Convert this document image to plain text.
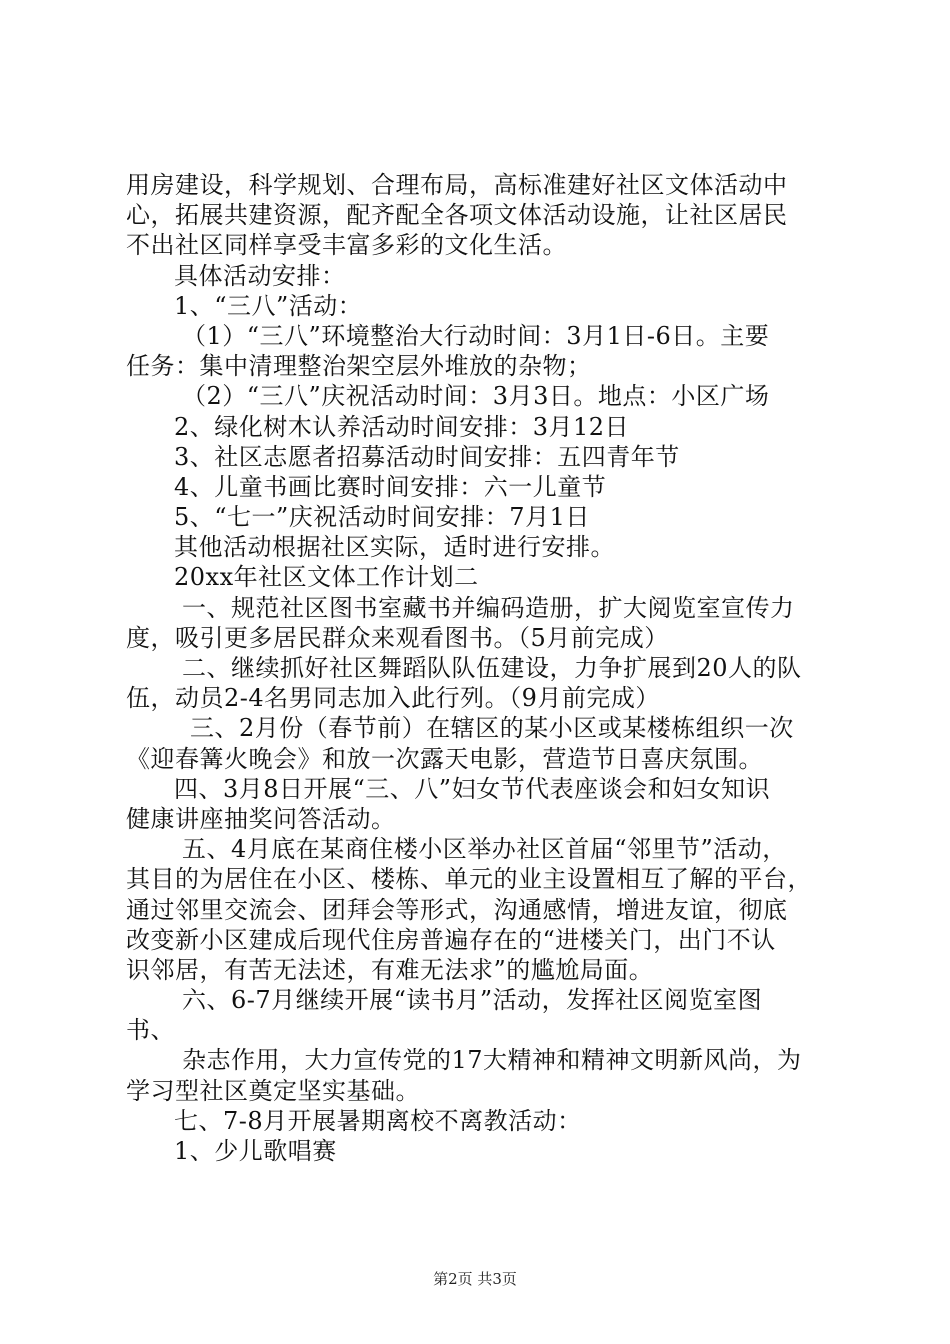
用房建设，科学规划、合理布局，高标准建好社区文体活动中
心，拓展共建资源，配齐配全各项文体活动设施，让社区居民
不出社区同样享受丰富多彩的文化生活。
具体活动安排：
1、“三八”活动：
（1）“三八”环境整治大行动时间：3月1日-6日。主要
任务：集中清理整治架空层外堆放的杂物；
（2）“三八”庆祝活动时间：3月3日。地点：小区广场
2、绿化树木认养活动时间安排：3月12日
3、社区志愿者招募活动时间安排：五四青年节
4、儿童书画比赛时间安排：六一儿童节
5、“七一”庆祝活动时间安排：7月1日
其他活动根据社区实际，适时进行安排。
20xx年社区文体工作计划二
一、规范社区图书室藏书并编码造册，扩大阅览室宣传力
度，吸引更多居民群众来观看图书。（5月前完成）
二、继续抓好社区舞蹈队队伍建设，力争扩展到20人的队
伍，动员2-4名男同志加入此行列。（9月前完成）
三、2月份（春节前）在辖区的某小区或某楼栋组织一次
《迎春篝火晚会》和放一次露天电影，营造节日喜庆氛围。
四、3月8日开展“三、八”妇女节代表座谈会和妇女知识
健康讲座抽奖问答活动。
五、4月底在某商住楼小区举办社区首届“邻里节”活动，
其目的为居住在小区、楼栋、单元的业主设置相互了解的平台，
通过邻里交流会、团拜会等形式，沟通感情，增进友谊，彻底
改变新小区建成后现代住房普遍存在的“进楼关门，出门不认
识邻居，有苦无法述，有难无法求”的尴尬局面。
六、6-7月继续开展“读书月”活动，发挥社区阅览室图
书、
杂志作用，大力宣传党的17大精神和精神文明新风尚，为
学习型社区奠定坚实基础。
七、7-8月开展暑期离校不离教活动：
1、少儿歌唱赛
第2页 共3页
